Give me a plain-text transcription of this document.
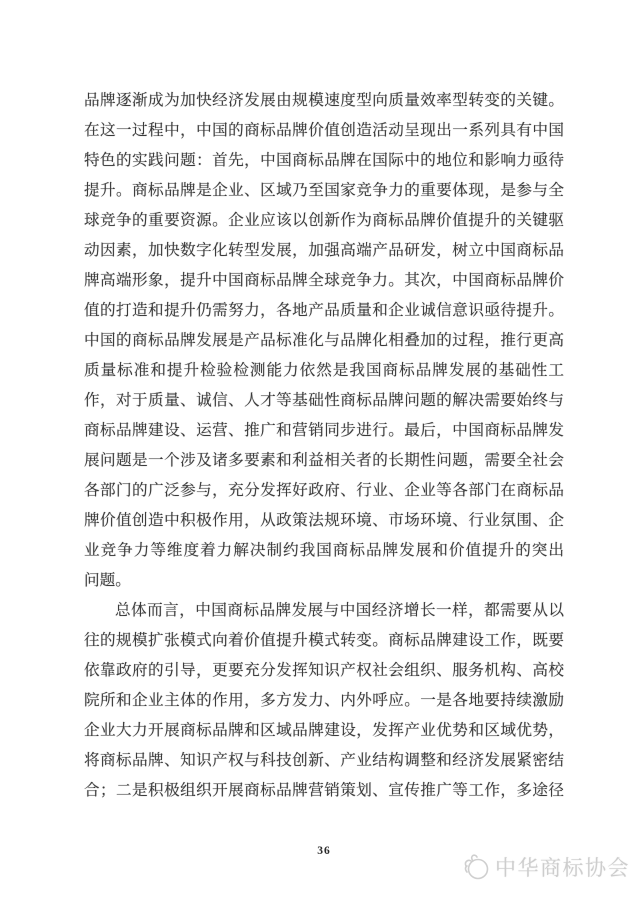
品牌逐渐成为加快经济发展由规模速度型向质量效率型转变的关键。
在这一过程中，中国的商标品牌价值创造活动呈现出一系列具有中国
特色的实践问题：首先，中国商标品牌在国际中的地位和影响力亟待
提升。商标品牌是企业、区域乃至国家竞争力的重要体现，是参与全
球竞争的重要资源。企业应该以创新作为商标品牌价值提升的关键驱
动因素，加快数字化转型发展，加强高端产品研发，树立中国商标品
牌高端形象，提升中国商标品牌全球竞争力。其次，中国商标品牌价
值的打造和提升仍需努力，各地产品质量和企业诚信意识亟待提升。
中国的商标品牌发展是产品标准化与品牌化相叠加的过程，推行更高
质量标准和提升检验检测能力依然是我国商标品牌发展的基础性工
作，对于质量、诚信、人才等基础性商标品牌问题的解决需要始终与
商标品牌建设、运营、推广和营销同步进行。最后，中国商标品牌发
展问题是一个涉及诸多要素和利益相关者的长期性问题，需要全社会
各部门的广泛参与，充分发挥好政府、行业、企业等各部门在商标品
牌价值创造中积极作用，从政策法规环境、市场环境、行业氛围、企
业竞争力等维度着力解决制约我国商标品牌发展和价值提升的突出
问题。
总体而言，中国商标品牌发展与中国经济增长一样，都需要从以
往的规模扩张模式向着价值提升模式转变。商标品牌建设工作，既要
依靠政府的引导，更要充分发挥知识产权社会组织、服务机构、高校
院所和企业主体的作用，多方发力、内外呼应。一是各地要持续激励
企业大力开展商标品牌和区域品牌建设，发挥产业优势和区域优势，
将商标品牌、知识产权与科技创新、产业结构调整和经济发展紧密结
合；二是积极组织开展商标品牌营销策划、宣传推广等工作，多途径
36
中华商标协会
